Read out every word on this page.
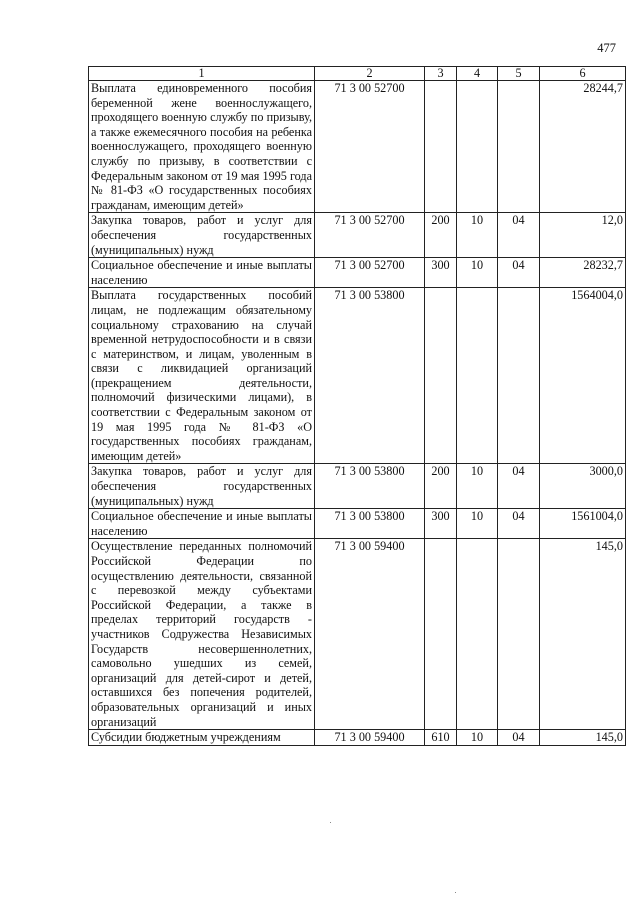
477
1	2	3	4	5	6
Выплата единовременного пособия беременной жене военнослужащего, проходящего военную службу по призыву, а также ежемесячного пособия на ребенка военнослужащего, проходящего военную службу по призыву, в соответствии с Федеральным законом от 19 мая 1995 года № 81-ФЗ «О государственных пособиях гражданам, имеющим детей»	71 3 00 52700				28244,7
Закупка товаров, работ и услуг для обеспечения государственных (муниципальных) нужд	71 3 00 52700	200	10	04	12,0
Социальное обеспечение и иные выплаты населению	71 3 00 52700	300	10	04	28232,7
Выплата государственных пособий лицам, не подлежащим обязательному социальному страхованию на случай временной нетрудоспособности и в связи с материнством, и лицам, уволенным в связи с ликвидацией организаций (прекращением деятельности, полномочий физическими лицами), в соответствии с Федеральным законом от 19 мая 1995 года № 81-ФЗ «О государственных пособиях гражданам, имеющим детей»	71 3 00 53800				1564004,0
Закупка товаров, работ и услуг для обеспечения государственных (муниципальных) нужд	71 3 00 53800	200	10	04	3000,0
Социальное обеспечение и иные выплаты населению	71 3 00 53800	300	10	04	1561004,0
Осуществление переданных полномочий Российской Федерации по осуществлению деятельности, связанной с перевозкой между субъектами Российской Федерации, а также в пределах территорий государств - участников Содружества Независимых Государств несовершеннолетних, самовольно ушедших из семей, организаций для детей-сирот и детей, оставшихся без попечения родителей, образовательных организаций и иных организаций	71 3 00 59400				145,0
Субсидии бюджетным учреждениям	71 3 00 59400	610	10	04	145,0
